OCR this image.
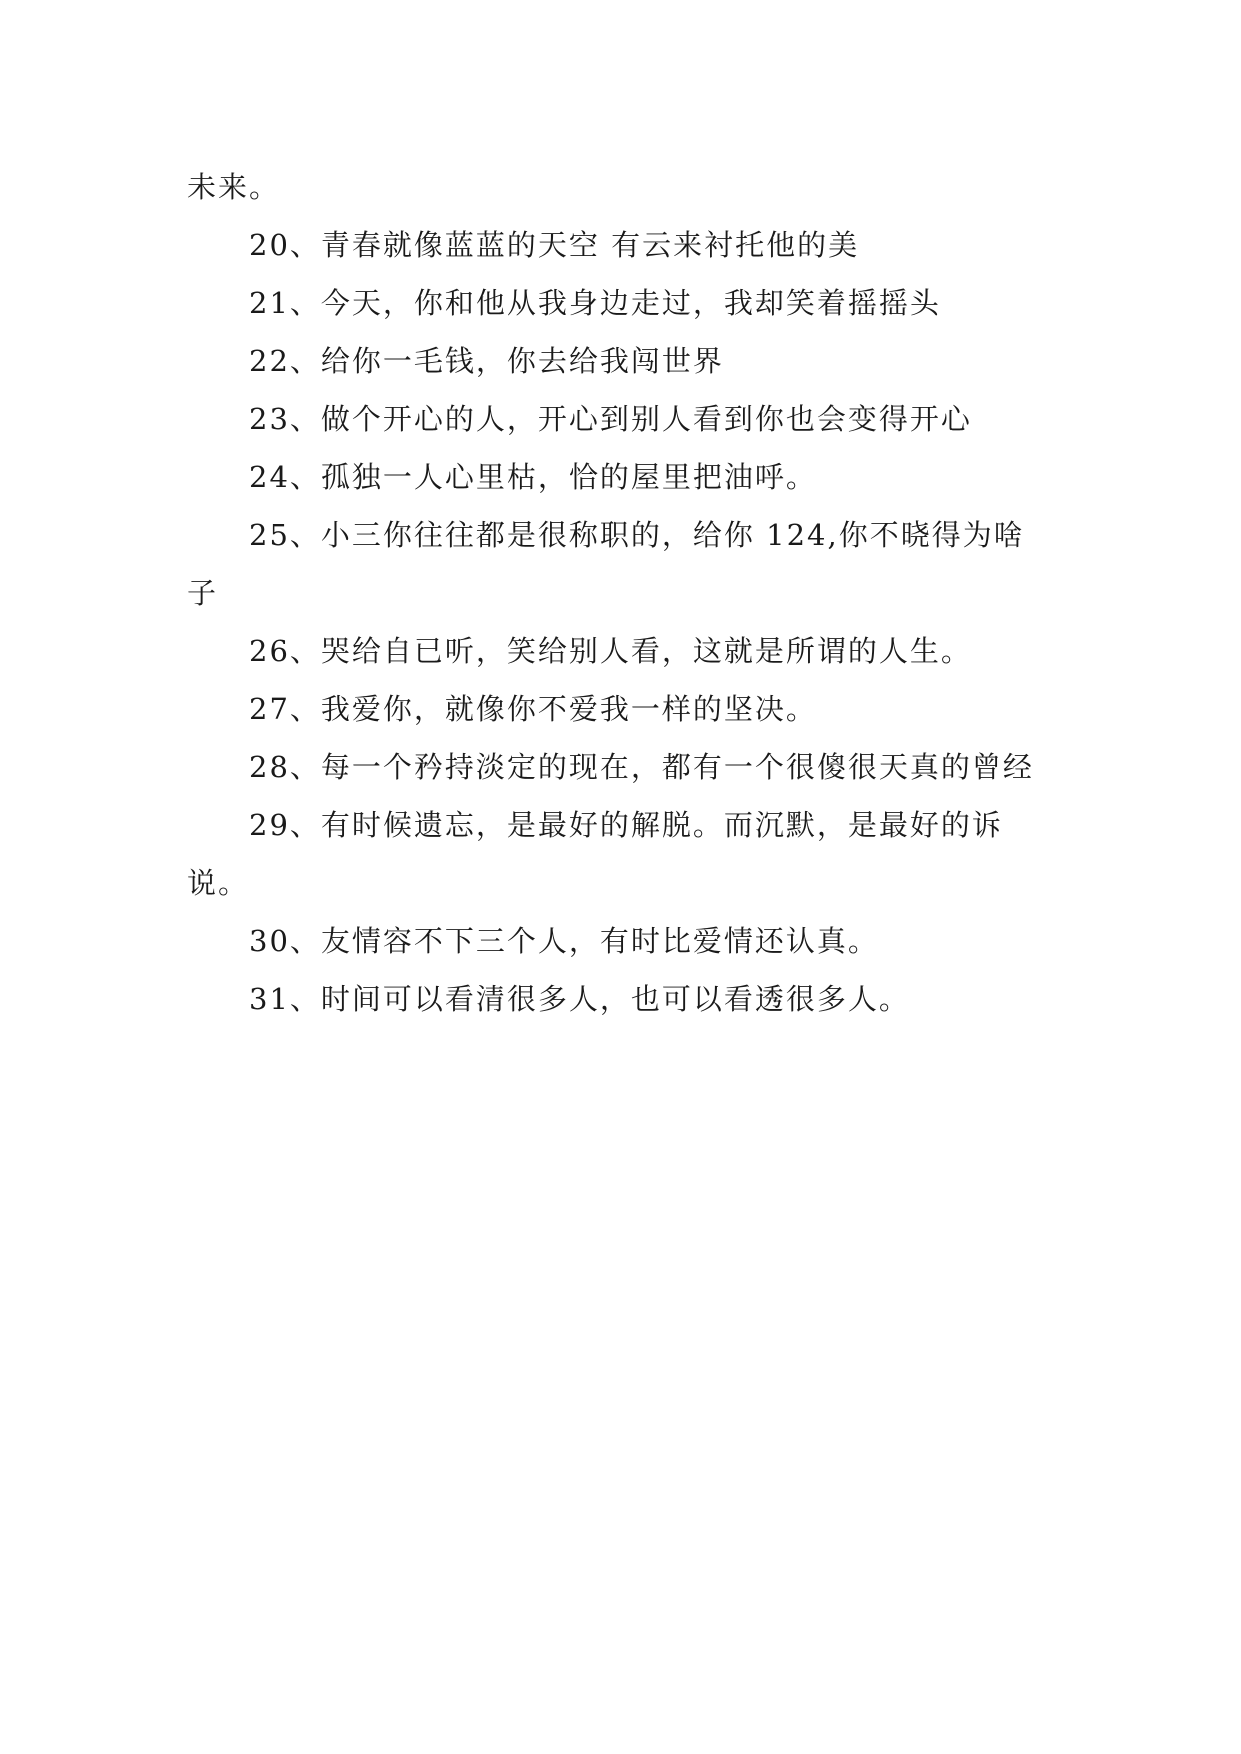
未来。

20、青春就像蓝蓝的天空 有云来衬托他的美

21、今天，你和他从我身边走过，我却笑着摇摇头

22、给你一毛钱，你去给我闯世界

23、做个开心的人，开心到别人看到你也会变得开心

24、孤独一人心里枯，恰的屋里把油呼。

25、小三你往往都是很称职的，给你 124,你不晓得为啥子

26、哭给自已听，笑给别人看，这就是所谓的人生。

27、我爱你，就像你不爱我一样的坚决。

28、每一个矜持淡定的现在，都有一个很傻很天真的曾经

29、有时候遗忘，是最好的解脱。而沉默，是最好的诉说。

30、友情容不下三个人，有时比爱情还认真。

31、时间可以看清很多人，也可以看透很多人。
